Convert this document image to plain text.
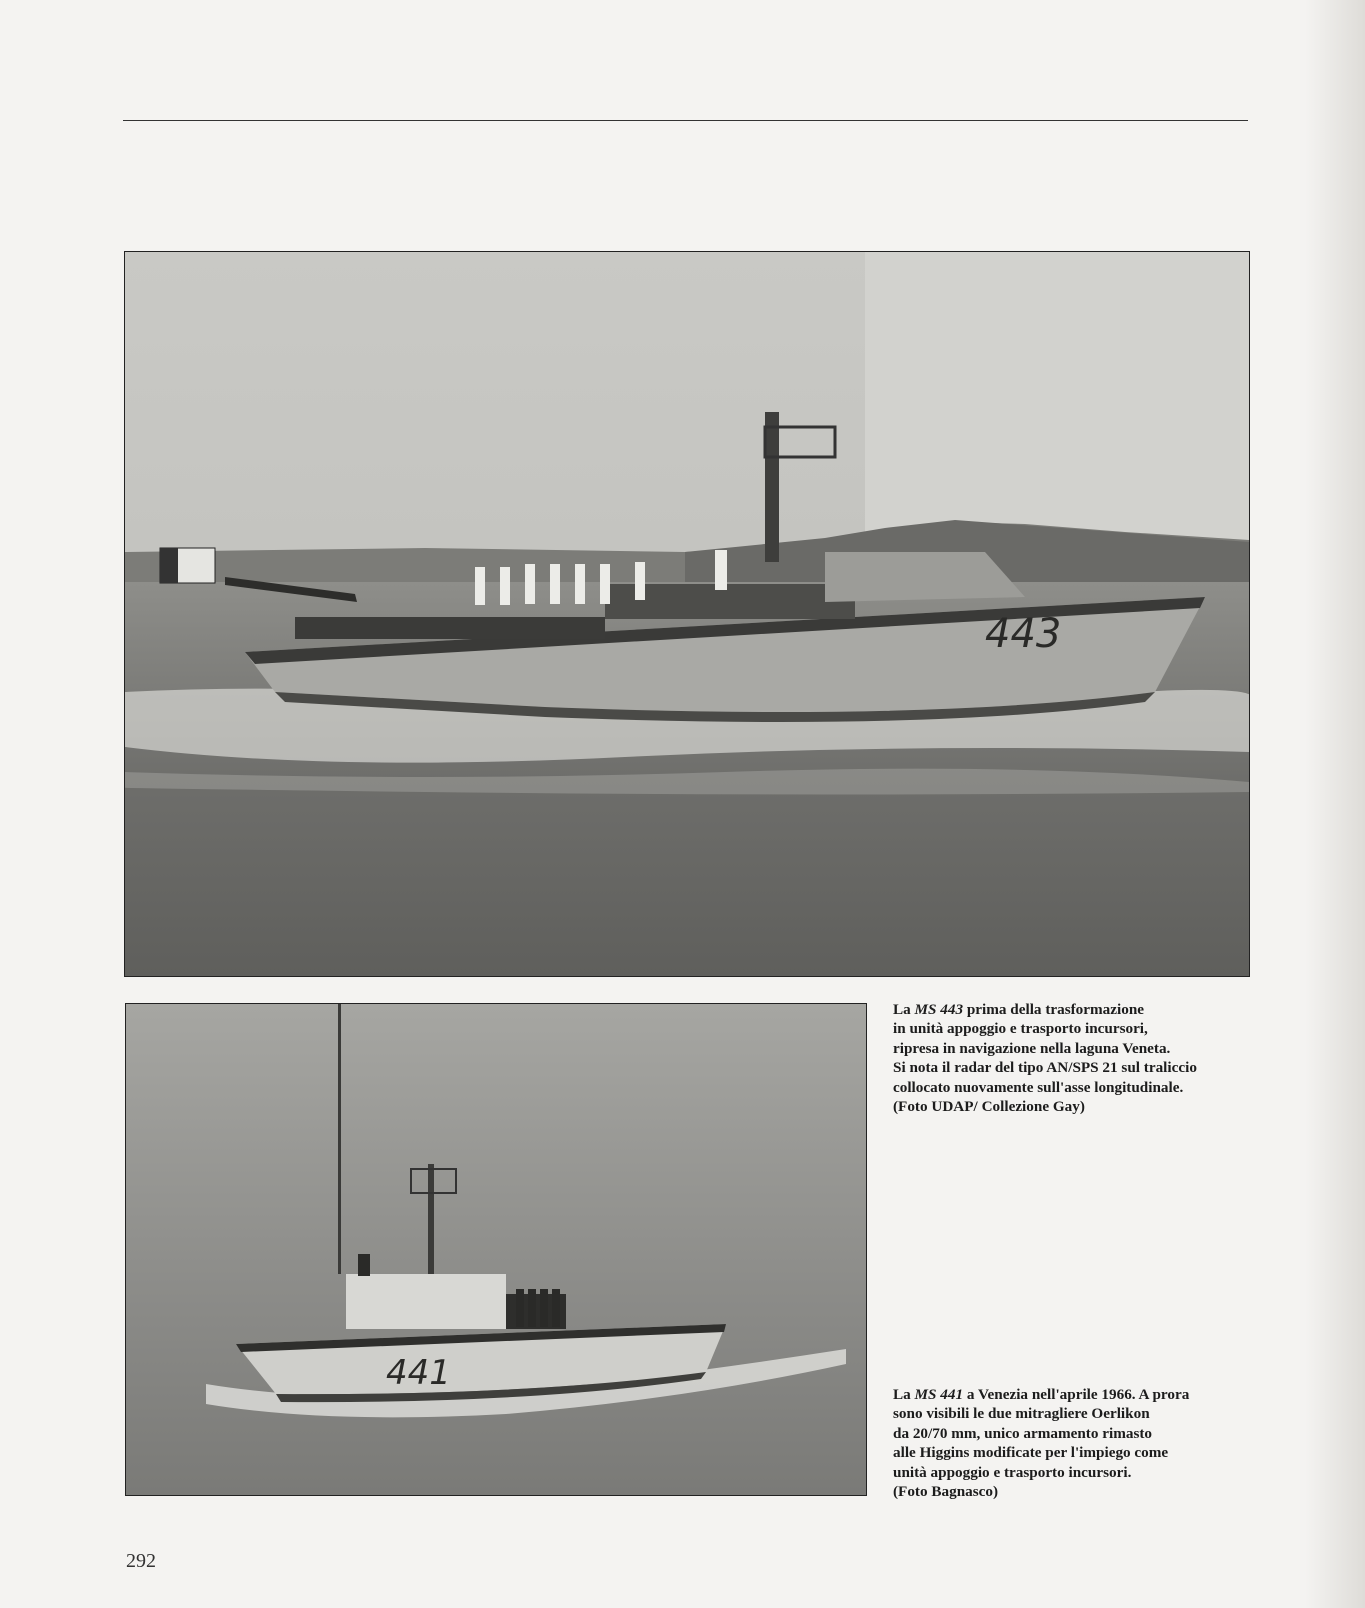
443
441
La MS 443 prima della trasformazione
in unità appoggio e trasporto incursori,
ripresa in navigazione nella laguna Veneta.
Si nota il radar del tipo AN/SPS 21 sul traliccio
collocato nuovamente sull'asse longitudinale.
(Foto UDAP/ Collezione Gay)
La MS 441 a Venezia nell'aprile 1966. A prora
sono visibili le due mitragliere Oerlikon
da 20/70 mm, unico armamento rimasto
alle Higgins modificate per l'impiego come
unità appoggio e trasporto incursori.
(Foto Bagnasco)
292
